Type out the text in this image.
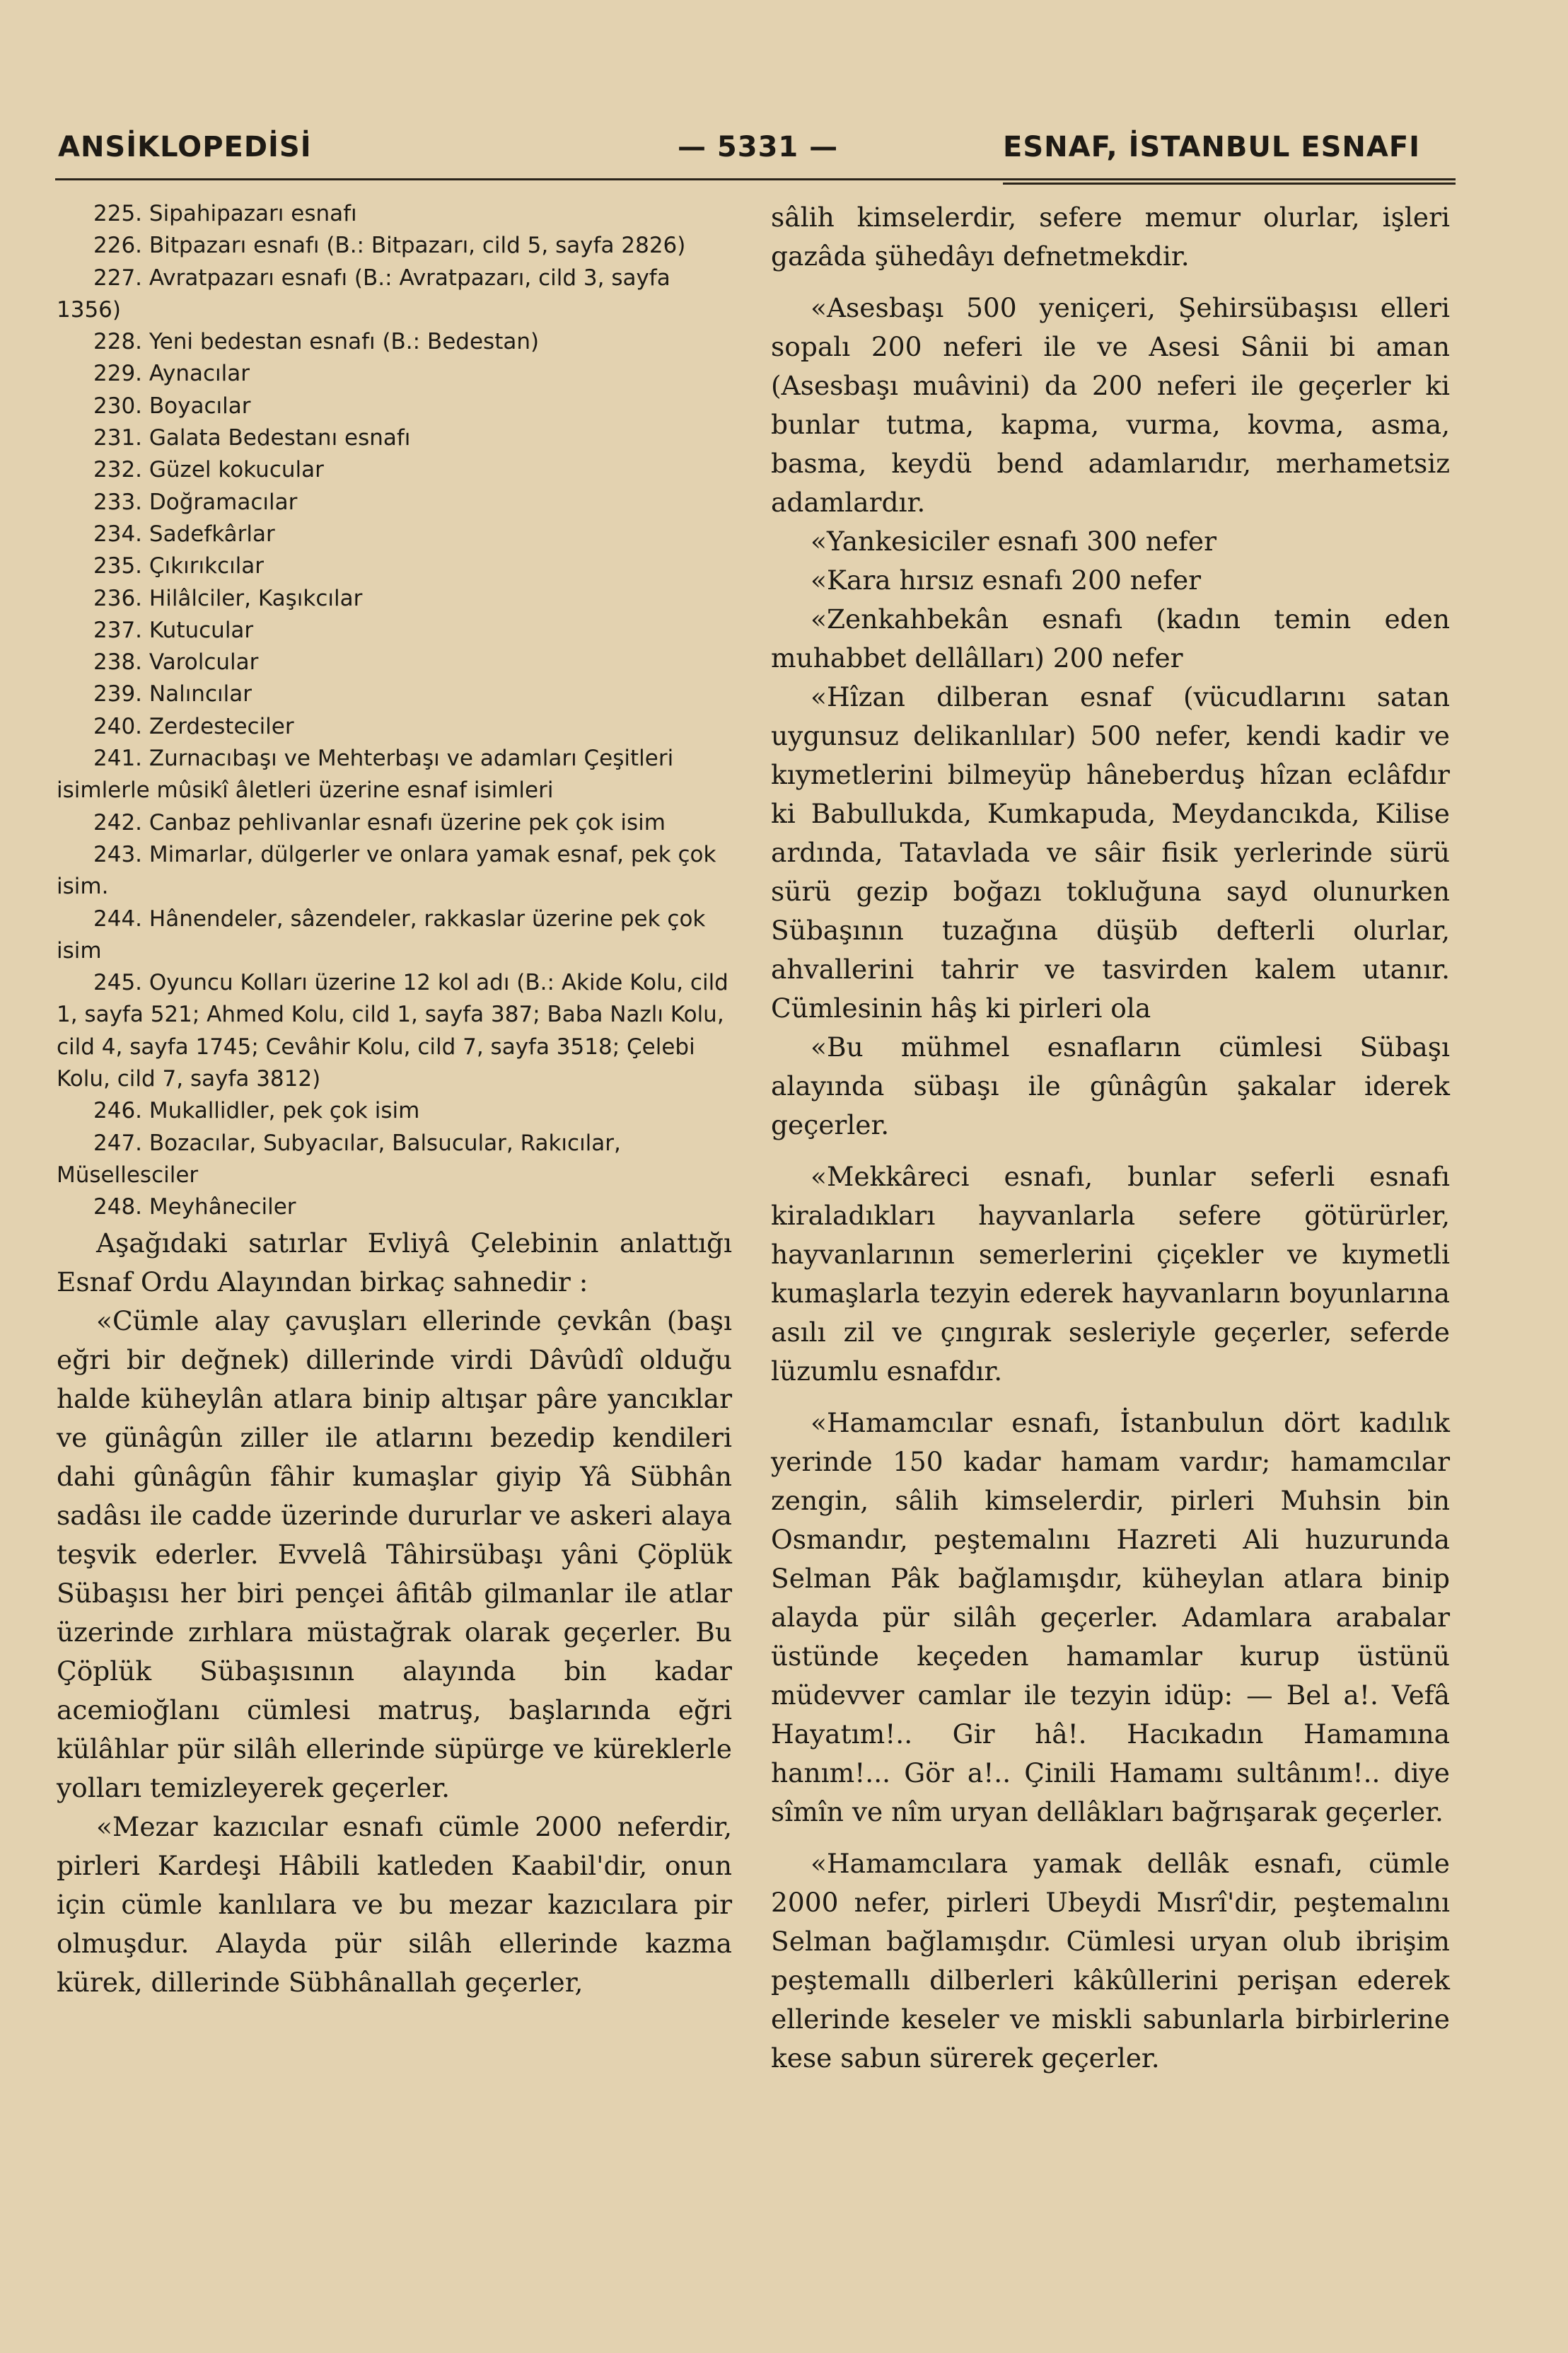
ANSİKLOPEDİSİ	— 5331 —	ESNAF, İSTANBUL ESNAFI
225. Sipahipazarı esnafı
226. Bitpazarı esnafı (B.: Bitpazarı, cild 5, sayfa 2826)
227. Avratpazarı esnafı (B.: Avratpazarı, cild 3, sayfa 1356)
228. Yeni bedestan esnafı (B.: Bedestan)
229. Aynacılar
230. Boyacılar
231. Galata Bedestanı esnafı
232. Güzel kokucular
233. Doğramacılar
234. Sadefkârlar
235. Çıkırıkcılar
236. Hilâlciler, Kaşıkcılar
237. Kutucular
238. Varolcular
239. Nalıncılar
240. Zerdesteciler
241. Zurnacıbaşı ve Mehterbaşı ve adamları Çeşitleri isimlerle mûsikî âletleri üzerine esnaf isimleri
242. Canbaz pehlivanlar esnafı üzerine pek çok isim
243. Mimarlar, dülgerler ve onlara yamak esnaf, pek çok isim.
244. Hânendeler, sâzendeler, rakkaslar üzerine pek çok isim
245. Oyuncu Kolları üzerine 12 kol adı (B.: Akide Kolu, cild 1, sayfa 521; Ahmed Kolu, cild 1, sayfa 387; Baba Nazlı Kolu, cild 4, sayfa 1745; Cevâhir Kolu, cild 7, sayfa 3518; Çelebi Kolu, cild 7, sayfa 3812)
246. Mukallidler, pek çok isim
247. Bozacılar, Subyacılar, Balsucular, Rakıcılar, Müsellesciler
248. Meyhâneciler

Aşağıdaki satırlar Evliyâ Çelebinin anlattığı Esnaf Ordu Alayından birkaç sahnedir :

«Cümle alay çavuşları ellerinde çevkân (başı eğri bir değnek) dillerinde virdi Dâvûdî olduğu halde küheylân atlara binip altışar pâre yancıklar ve günâgûn ziller ile atlarını bezedip kendileri dahi gûnâgûn fâhir kumaşlar giyip Yâ Sübhân sadâsı ile cadde üzerinde dururlar ve askeri alaya teşvik ederler. Evvelâ Tâhirsübaşı yâni Çöplük Sübaşısı her biri pençei âfitâb gilmanlar ile atlar üzerinde zırhlara müstağrak olarak geçerler. Bu Çöplük Sübaşısının alayında bin kadar acemioğlanı cümlesi matruş, başlarında eğri külâhlar pür silâh ellerinde süpürge ve küreklerle yolları temizleyerek geçerler.

«Mezar kazıcılar esnafı cümle 2000 neferdir, pirleri Kardeşi Hâbili katleden Kaabil'dir, onun için cümle kanlılara ve bu mezar kazıcılara pir olmuşdur. Alayda pür silâh ellerinde kazma kürek, dillerinde Sübhânallah geçerler,

sâlih kimselerdir, sefere memur olurlar, işleri gazâda şühedâyı defnetmekdir.

«Asesbaşı 500 yeniçeri, Şehirsübaşısı elleri sopalı 200 neferi ile ve Asesi Sânii bi aman (Asesbaşı muâvini) da 200 neferi ile geçerler ki bunlar tutma, kapma, vurma, kovma, asma, basma, keydü bend adamlarıdır, merhametsiz adamlardır.

«Yankesiciler esnafı 300 nefer

«Kara hırsız esnafı 200 nefer

«Zenkahbekân esnafı (kadın temin eden muhabbet dellâlları) 200 nefer

«Hîzan dilberan esnaf (vücudlarını satan uygunsuz delikanlılar) 500 nefer, kendi kadir ve kıymetlerini bilmeyüp hâneberduş hîzan eclâfdır ki Babullukda, Kumkapuda, Meydancıkda, Kilise ardında, Tatavlada ve sâir fisik yerlerinde sürü sürü gezip boğazı tokluğuna sayd olunurken Sübaşının tuzağına düşüb defterli olurlar, ahvallerini tahrir ve tasvirden kalem utanır. Cümlesinin hâş ki pirleri ola

«Bu mühmel esnafların cümlesi Sübaşı alayında sübaşı ile gûnâgûn şakalar iderek geçerler.

«Mekkâreci esnafı, bunlar seferli esnafı kiraladıkları hayvanlarla sefere götürürler, hayvanlarının semerlerini çiçekler ve kıymetli kumaşlarla tezyin ederek hayvanların boyunlarına asılı zil ve çıngırak sesleriyle geçerler, seferde lüzumlu esnafdır.

«Hamamcılar esnafı, İstanbulun dört kadılık yerinde 150 kadar hamam vardır; hamamcılar zengin, sâlih kimselerdir, pirleri Muhsin bin Osmandır, peştemalını Hazreti Ali huzurunda Selman Pâk bağlamışdır, küheylan atlara binip alayda pür silâh geçerler. Adamlara arabalar üstünde keçeden hamamlar kurup üstünü müdevver camlar ile tezyin idüp: — Bel a!. Vefâ Hayatım!.. Gir hâ!. Hacıkadın Hamamına hanım!... Gör a!.. Çinili Hamamı sultânım!.. diye sîmîn ve nîm uryan dellâkları bağrışarak geçerler.

«Hamamcılara yamak dellâk esnafı, cümle 2000 nefer, pirleri Ubeydi Mısrî'dir, peştemalını Selman bağlamışdır. Cümlesi uryan olub ibrişim peştemallı dilberleri kâkûllerini perişan ederek ellerinde keseler ve miskli sabunlarla birbirlerine kese sabun sürerek geçerler.
